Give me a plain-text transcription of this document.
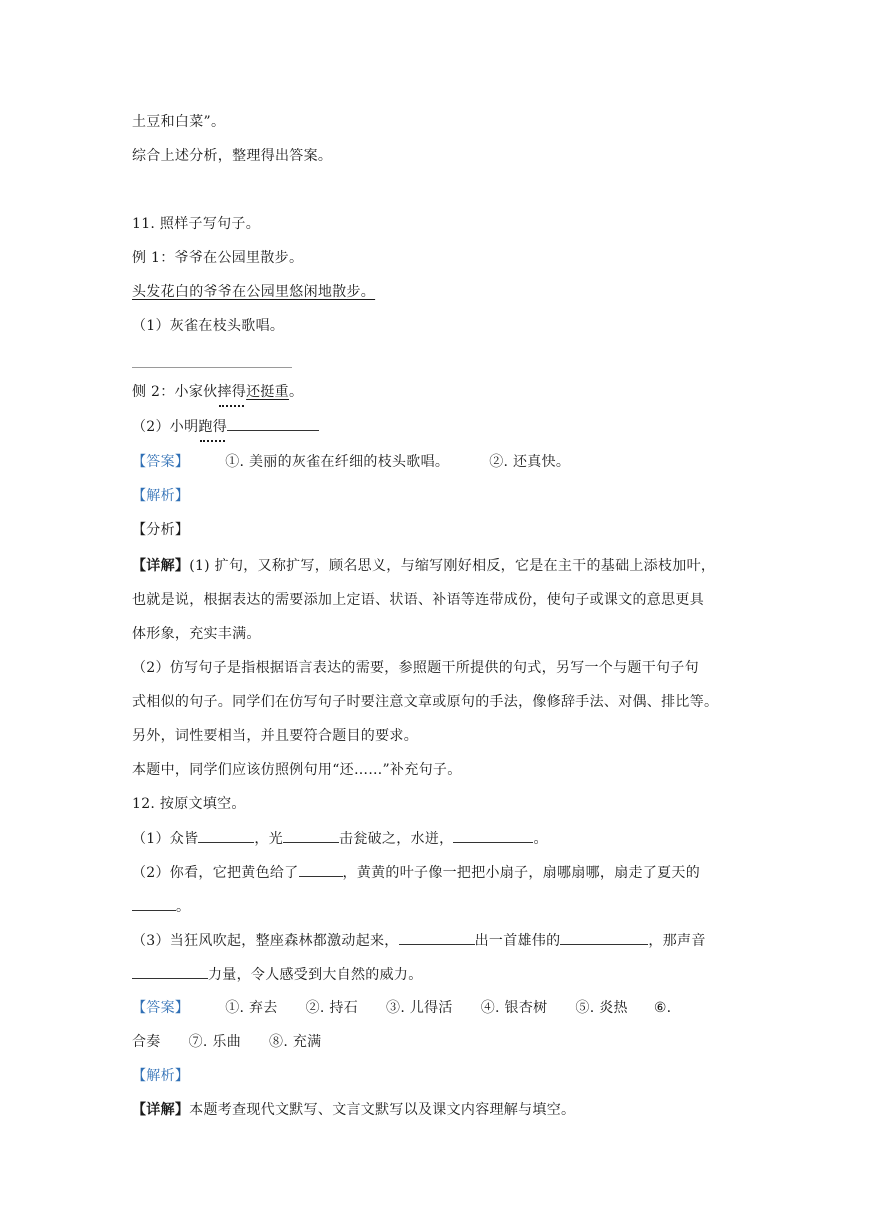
土豆和白菜”。
综合上述分析，整理得出答案。
11. 照样子写句子。
例 1：爷爷在公园里散步。
头发花白的爷爷在公园里悠闲地散步。
（1）灰雀在枝头歌唱。
侧 2：小家伙摔得还挺重。
（2）小明跑得
【答案】	①. 美丽的灰雀在纤细的枝头歌唱。	②. 还真快。
【解析】
【分析】
【详解】(1) 扩句，又称扩写，顾名思义，与缩写刚好相反，它是在主干的基础上添枝加叶，
也就是说，根据表达的需要添加上定语、状语、补语等连带成份，使句子或课文的意思更具
体形象，充实丰满。
（2）仿写句子是指根据语言表达的需要，参照题干所提供的句式，另写一个与题干句子句
式相似的句子。同学们在仿写句子时要注意文章或原句的手法，像修辞手法、对偶、排比等。
另外，词性要相当，并且要符合题目的要求。
本题中，同学们应该仿照例句用“还……”补充句子。
12. 按原文填空。
（1）众皆	，光	击瓮破之，水迸，	。
（2）你看，它把黄色给了	，黄黄的叶子像一把把小扇子，扇哪扇哪，扇走了夏天的
。
（3）当狂风吹起，整座森林都激动起来，	出一首雄伟的	，那声音
力量，令人感受到大自然的威力。
【答案】	①. 弃去 ②. 持石 ③. 儿得活 ④. 银杏树 ⑤. 炎热 ⑥.
合奏 ⑦. 乐曲 ⑧. 充满
【解析】
【详解】本题考查现代文默写、文言文默写以及课文内容理解与填空。
